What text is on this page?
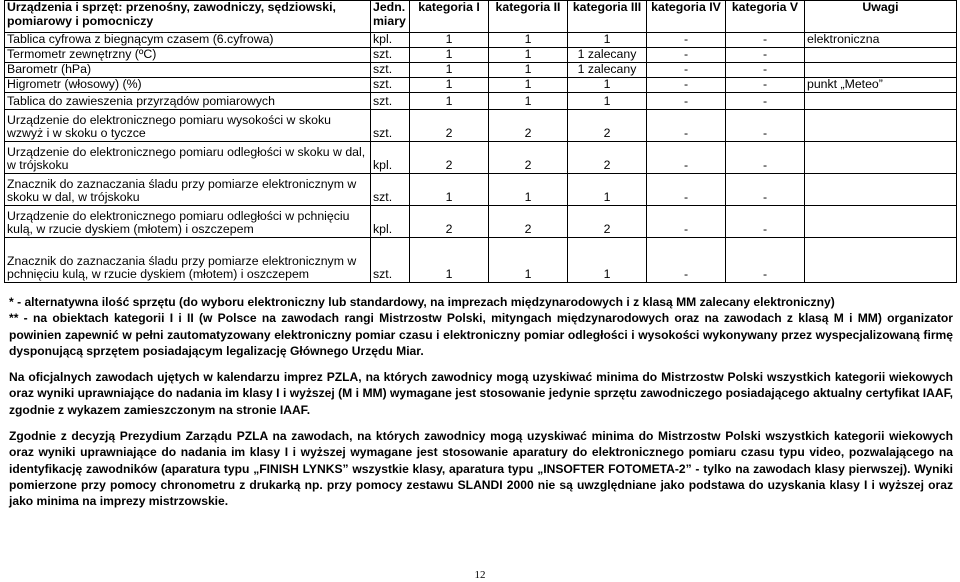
Urządzenia i sprzęt: przenośny, zawodniczy, sędziowski, pomiarowy i pomocniczy	Jedn. miary	kategoria I	kategoria II	kategoria III	kategoria IV	kategoria V	Uwagi
Tablica cyfrowa z biegnącym czasem (6.cyfrowa)	kpl.	1	1	1	-	-	elektroniczna
Termometr zewnętrzny (ºC)	szt.	1	1	1 zalecany	-	-	
Barometr (hPa)	szt.	1	1	1 zalecany	-	-	
Higrometr (włosowy) (%)	szt.	1	1	1	-	-	punkt „Meteo”
Tablica do zawieszenia przyrządów pomiarowych	szt.	1	1	1	-	-	
Urządzenie do elektronicznego pomiaru wysokości w skoku wzwyż i w skoku o tyczce	szt.	2	2	2	-	-	
Urządzenie do elektronicznego pomiaru odległości w skoku w dal, w trójskoku	kpl.	2	2	2	-	-	
Znacznik do zaznaczania śladu przy pomiarze elektronicznym w skoku w dal, w trójskoku	szt.	1	1	1	-	-	
Urządzenie do elektronicznego pomiaru odległości w pchnięciu kulą, w rzucie dyskiem (młotem) i oszczepem	kpl.	2	2	2	-	-	
Znacznik do zaznaczania śladu przy pomiarze elektronicznym w pchnięciu kulą, w rzucie dyskiem (młotem) i oszczepem	szt.	1	1	1	-	-	

* - alternatywna ilość sprzętu (do wyboru elektroniczny lub standardowy, na imprezach międzynarodowych i z klasą MM zalecany elektroniczny)
** - na obiektach kategorii I i II (w Polsce na zawodach rangi Mistrzostw Polski, mityngach międzynarodowych oraz na zawodach z klasą M i MM) organizator powinien zapewnić w pełni zautomatyzowany elektroniczny pomiar czasu i elektroniczny pomiar odległości i wysokości wykonywany przez wyspecjalizowaną firmę dysponującą sprzętem posiadającym legalizację Głównego Urzędu Miar.

Na oficjalnych zawodach ujętych w kalendarzu imprez PZLA, na których zawodnicy mogą uzyskiwać minima do Mistrzostw Polski wszystkich kategorii wiekowych oraz wyniki uprawniające do nadania im klasy I i wyższej (M i MM) wymagane jest stosowanie jedynie sprzętu zawodniczego posiadającego aktualny certyfikat IAAF, zgodnie z wykazem zamieszczonym na stronie IAAF.

Zgodnie z decyzją Prezydium Zarządu PZLA na zawodach, na których zawodnicy mogą uzyskiwać minima do Mistrzostw Polski wszystkich kategorii wiekowych oraz wyniki uprawniające do nadania im klasy I i wyższej wymagane jest stosowanie aparatury do elektronicznego pomiaru czasu typu video, pozwalającego na identyfikację zawodników (aparatura typu „FINISH LYNKS” wszystkie klasy, aparatura typu „INSOFTER FOTOMETA-2” - tylko na zawodach klasy pierwszej). Wyniki pomierzone przy pomocy chronometru z drukarką np. przy pomocy zestawu SLANDI 2000 nie są uwzględniane jako podstawa do uzyskania klasy I i wyższej oraz jako minima na imprezy mistrzowskie.

12
